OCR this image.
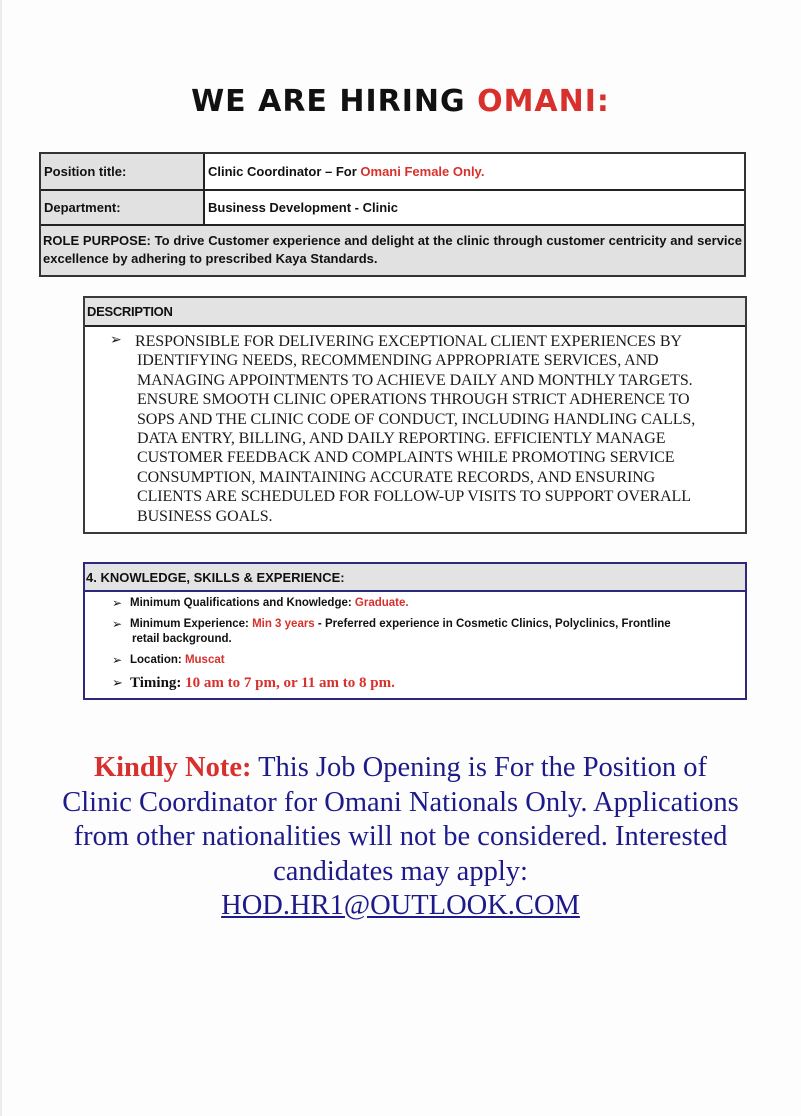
WE ARE HIRING OMANI:
Position title:	Clinic Coordinator – For Omani Female Only.
Department:	Business Development - Clinic
ROLE PURPOSE: To drive Customer experience and delight at the clinic through customer centricity and service excellence by adhering to prescribed Kaya Standards.
DESCRIPTION
➢ RESPONSIBLE FOR DELIVERING EXCEPTIONAL CLIENT EXPERIENCES BY
IDENTIFYING NEEDS, RECOMMENDING APPROPRIATE SERVICES, AND
MANAGING APPOINTMENTS TO ACHIEVE DAILY AND MONTHLY TARGETS.
ENSURE SMOOTH CLINIC OPERATIONS THROUGH STRICT ADHERENCE TO
SOPS AND THE CLINIC CODE OF CONDUCT, INCLUDING HANDLING CALLS,
DATA ENTRY, BILLING, AND DAILY REPORTING. EFFICIENTLY MANAGE
CUSTOMER FEEDBACK AND COMPLAINTS WHILE PROMOTING SERVICE
CONSUMPTION, MAINTAINING ACCURATE RECORDS, AND ENSURING
CLIENTS ARE SCHEDULED FOR FOLLOW-UP VISITS TO SUPPORT OVERALL
BUSINESS GOALS.
4. KNOWLEDGE, SKILLS & EXPERIENCE:
➢ Minimum Qualifications and Knowledge: Graduate.
➢ Minimum Experience: Min 3 years - Preferred experience in Cosmetic Clinics, Polyclinics, Frontline
retail background.
➢ Location: Muscat
➢ Timing: 10 am to 7 pm, or 11 am to 8 pm.
Kindly Note: This Job Opening is For the Position of Clinic Coordinator for Omani Nationals Only. Applications from other nationalities will not be considered. Interested candidates may apply:
HOD.HR1@OUTLOOK.COM
